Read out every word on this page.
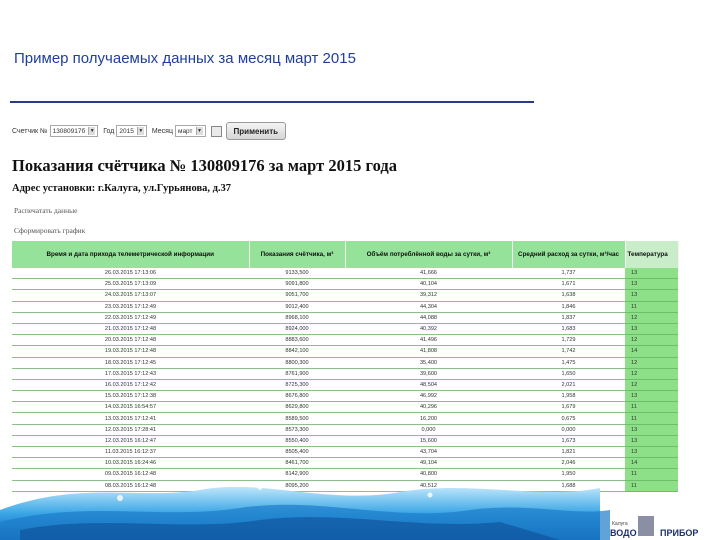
Пример получаемых данных за месяц март 2015
Счетчик № 13080917б ▼ Год 2015 ▼ Месяц март ▼	Применить
Показания счётчика № 130809176 за март 2015 года
Адрес установки: г.Калуга, ул.Гурьянова, д.37
Распечатать данные
Сформировать график
Время и дата прихода телеметрической информации	Показания счётчика, м³	Объём потреблённой воды за сутки, м³	Средний расход за сутки, м³/час	Температура
26.03.2015 17:13:06	9133,500	41,666	1,737	13
25.03.2015 17:13:09	9091,800	40,104	1,671	13
24.03.2015 17:13:07	9051,700	39,312	1,638	13
23.03.2015 17:12:49	9012,400	44,304	1,846	11
22.03.2015 17:12:49	8968,100	44,088	1,837	12
21.03.2015 17:12:48	8924,000	40,392	1,683	13
20.03.2015 17:12:48	8883,600	41,496	1,729	12
19.03.2015 17:12:48	8842,100	41,808	1,742	14
18.03.2015 17:12:45	8800,300	35,400	1,475	12
17.03.2015 17:12:43	8761,900	39,600	1,650	12
16.03.2015 17:12:42	8725,300	48,504	2,021	12
15.03.2015 17:12:38	8676,800	46,992	1,958	13
14.03.2015 16:54:57	8629,800	40,296	1,679	11
13.03.2015 17:12:41	8589,500	16,200	0,675	11
12.03.2015 17:28:41	8573,300	0,000	0,000	13
12.03.2015 16:12:47	8550,400	15,600	1,673	13
11.03.2015 16:12:37	8505,400	43,704	1,821	13
10.03.2015 16:24:46	8461,700	49,104	2,046	14
09.03.2015 16:12:48	8142,900	40,800	1,950	11
08.03.2015 16:12:48	8095,200	40,512	1,688	11
Калуга
ВОДО	ПРИБОР
